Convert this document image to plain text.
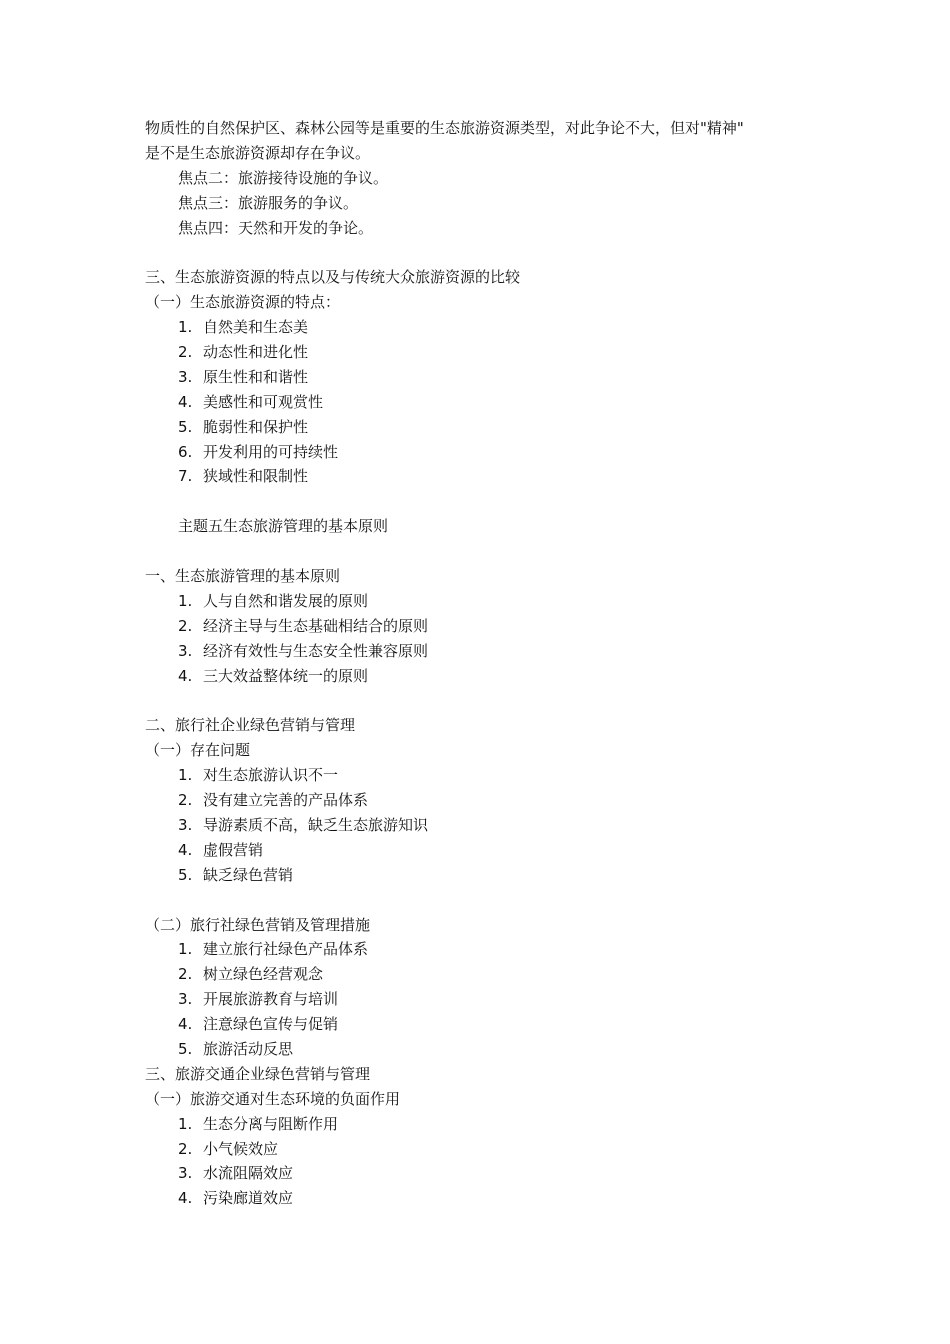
物质性的自然保护区、森林公园等是重要的生态旅游资源类型，对此争论不大，但对"精神"
是不是生态旅游资源却存在争议。
焦点二：旅游接待设施的争议。
焦点三：旅游服务的争议。
焦点四：天然和开发的争论。
三、生态旅游资源的特点以及与传统大众旅游资源的比较
（一）生态旅游资源的特点：
1. 自然美和生态美
2. 动态性和进化性
3. 原生性和和谐性
4. 美感性和可观赏性
5. 脆弱性和保护性
6. 开发利用的可持续性
7. 狭域性和限制性
主题五生态旅游管理的基本原则
一、生态旅游管理的基本原则
1. 人与自然和谐发展的原则
2. 经济主导与生态基础相结合的原则
3. 经济有效性与生态安全性兼容原则
4. 三大效益整体统一的原则
二、旅行社企业绿色营销与管理
（一）存在问题
1. 对生态旅游认识不一
2. 没有建立完善的产品体系
3. 导游素质不高，缺乏生态旅游知识
4. 虚假营销
5. 缺乏绿色营销
（二）旅行社绿色营销及管理措施
1. 建立旅行社绿色产品体系
2. 树立绿色经营观念
3. 开展旅游教育与培训
4. 注意绿色宣传与促销
5. 旅游活动反思
三、旅游交通企业绿色营销与管理
（一）旅游交通对生态环境的负面作用
1. 生态分离与阻断作用
2. 小气候效应
3. 水流阻隔效应
4. 污染廊道效应
